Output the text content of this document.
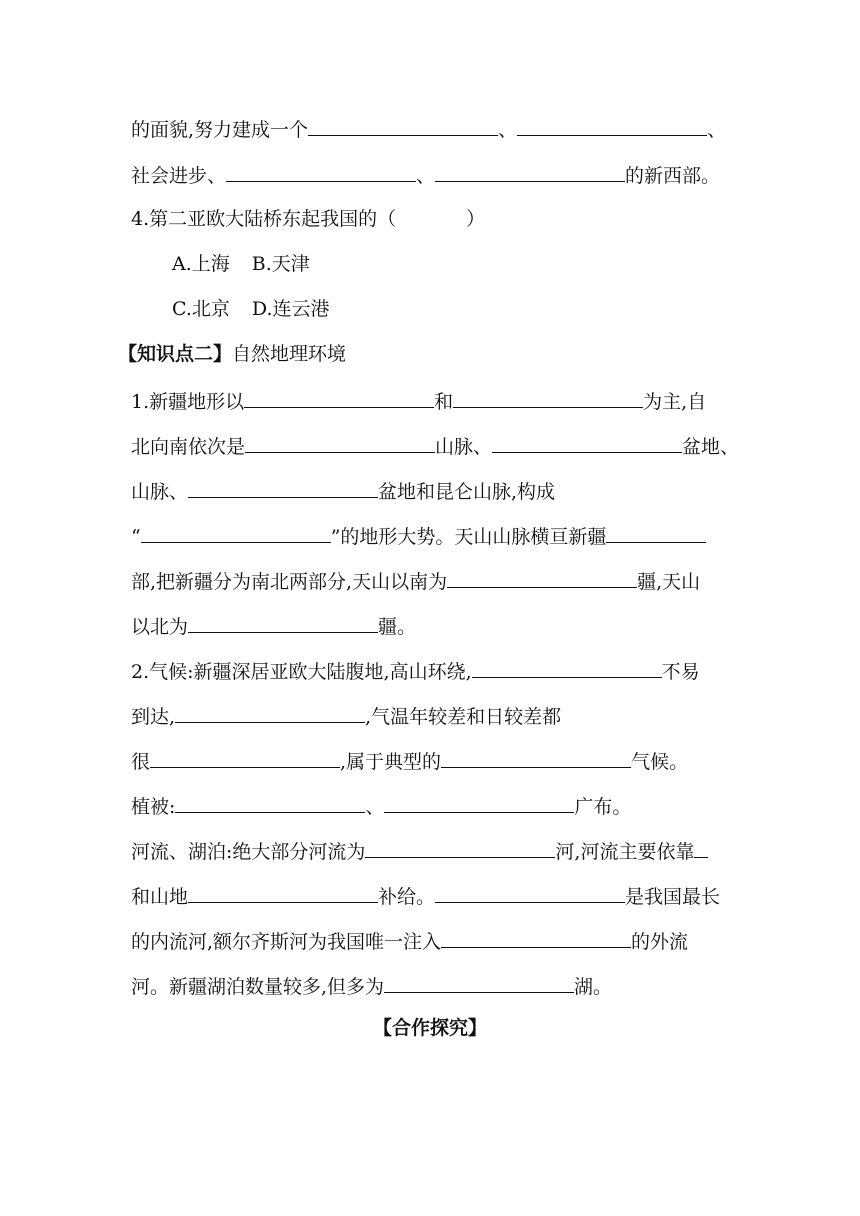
的面貌,努力建成一个	、	、
社会进步、	、	的新西部。
4.第二亚欧大陆桥东起我国的（	）
A.上海 B.天津
C.北京 D.连云港
【知识点二】自然地理环境
1.新疆地形以	和	为主,自
北向南依次是	山脉、	盆地、
山脉、	盆地和昆仑山脉,构成
“	”的地形大势。天山山脉横亘新疆
部,把新疆分为南北两部分,天山以南为	疆,天山
以北为	疆。
2.气候:新疆深居亚欧大陆腹地,高山环绕,	不易
到达,	,气温年较差和日较差都
很	,属于典型的	气候。
植被:	、	广布。
河流、湖泊:绝大部分河流为	河,河流主要依靠
和山地	补给。	是我国最长
的内流河,额尔齐斯河为我国唯一注入	的外流
河。新疆湖泊数量较多,但多为	湖。
【合作探究】
